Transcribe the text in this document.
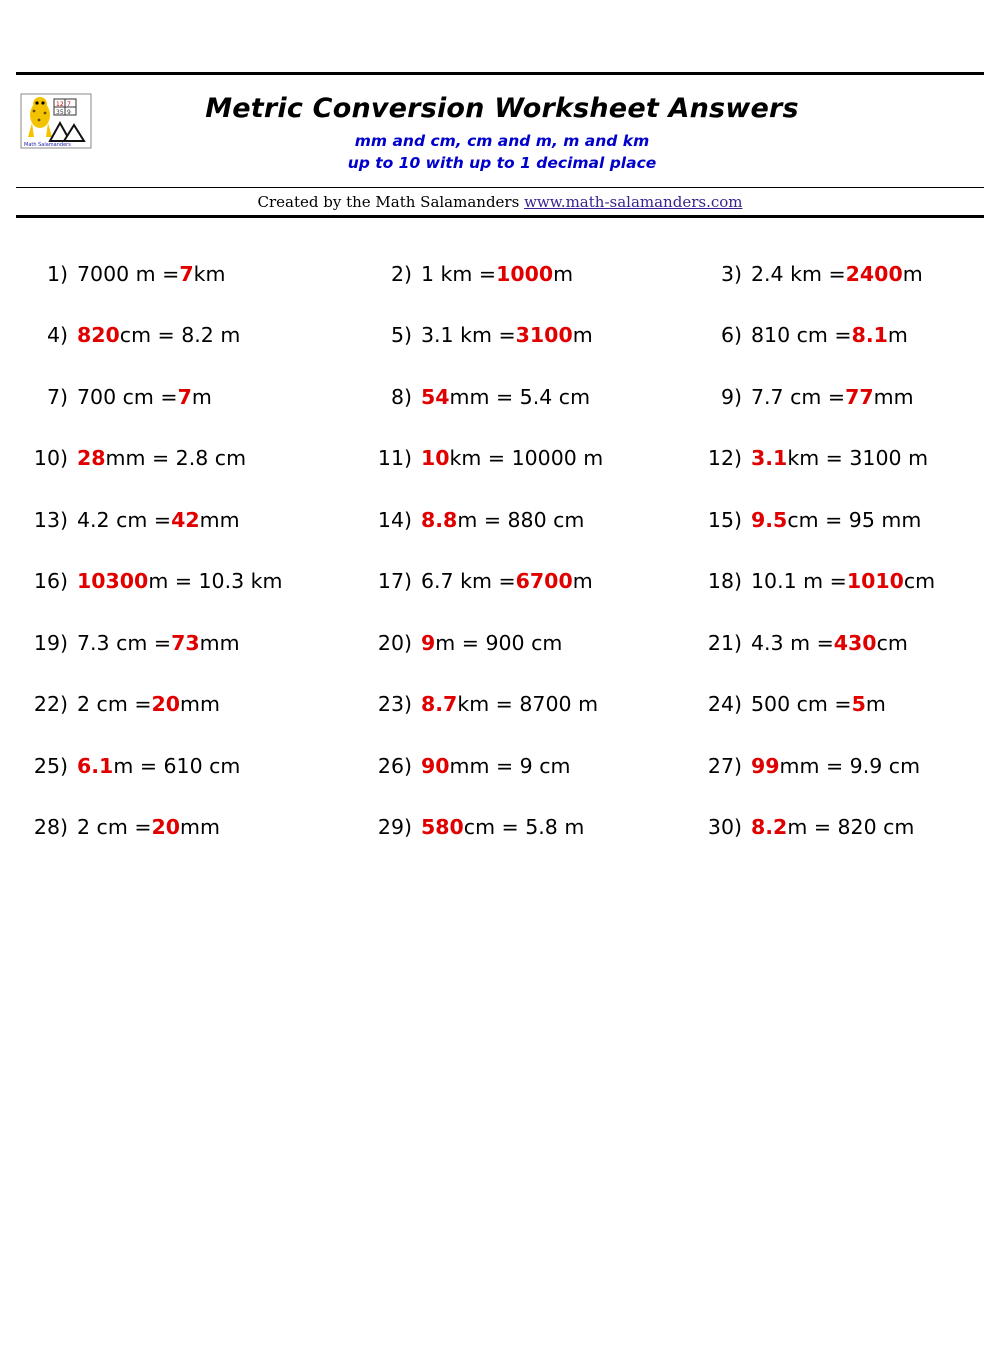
12 7
35 9
Math Salamanders
Metric Conversion Worksheet Answers
mm and cm, cm and m, m and km
up to 10 with up to 1 decimal place
Created by the Math Salamanders www.math-salamanders.com
1) 7000 m = 7 km	2) 1 km = 1000 m	3) 2.4 km = 2400 m
4) 820 cm = 8.2 m	5) 3.1 km = 3100 m	6) 810 cm = 8.1 m
7) 700 cm = 7 m	8) 54 mm = 5.4 cm	9) 7.7 cm = 77 mm
10) 28 mm = 2.8 cm	11) 10 km = 10000 m	12) 3.1 km = 3100 m
13) 4.2 cm = 42 mm	14) 8.8 m = 880 cm	15) 9.5 cm = 95 mm
16) 10300 m = 10.3 km	17) 6.7 km = 6700 m	18) 10.1 m = 1010 cm
19) 7.3 cm = 73 mm	20) 9 m = 900 cm	21) 4.3 m = 430 cm
22) 2 cm = 20 mm	23) 8.7 km = 8700 m	24) 500 cm = 5 m
25) 6.1 m = 610 cm	26) 90 mm = 9 cm	27) 99 mm = 9.9 cm
28) 2 cm = 20 mm	29) 580 cm = 5.8 m	30) 8.2 m = 820 cm
